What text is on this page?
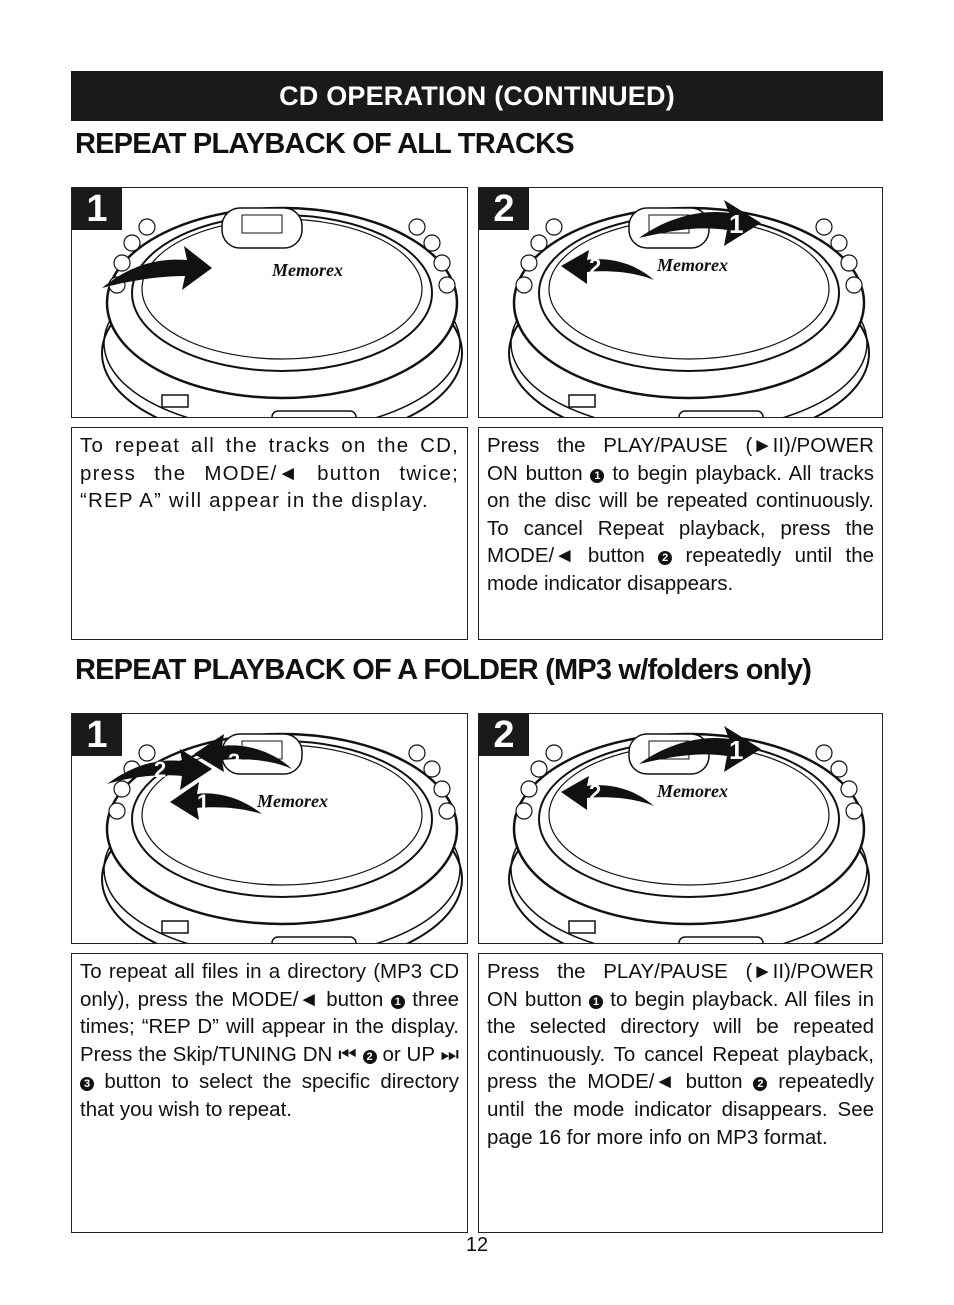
CD OPERATION (CONTINUED)
REPEAT PLAYBACK OF ALL TRACKS
Memorex
1	1
2	Memorex
2

To repeat all the tracks on the CD, press the MODE/◄ button twice; “REP A” will appear in the display.

Press the PLAY/PAUSE (►II)/POWER ON button 1 to begin playback. All tracks on the disc will be repeated continuously. To cancel Repeat playback, press the MODE/◄ button 2 repeatedly until the mode indicator disappears.

REPEAT PLAYBACK OF A FOLDER (MP3 w/folders only)
2	3
1	Memorex
1	1
2	Memorex
2

To repeat all files in a directory (MP3 CD only), press the MODE/◄ button 1 three times; “REP D” will appear in the display. Press the Skip/TUNING DN ⏮ 2 or UP ⏭ 3 button to select the specific directory that you wish to repeat.

Press the PLAY/PAUSE (►II)/POWER ON button 1 to begin playback. All files in the selected directory will be repeated continuously. To cancel Repeat playback, press the MODE/◄ button 2 repeatedly until the mode indicator disappears. See page 16 for more info on MP3 format.

12
